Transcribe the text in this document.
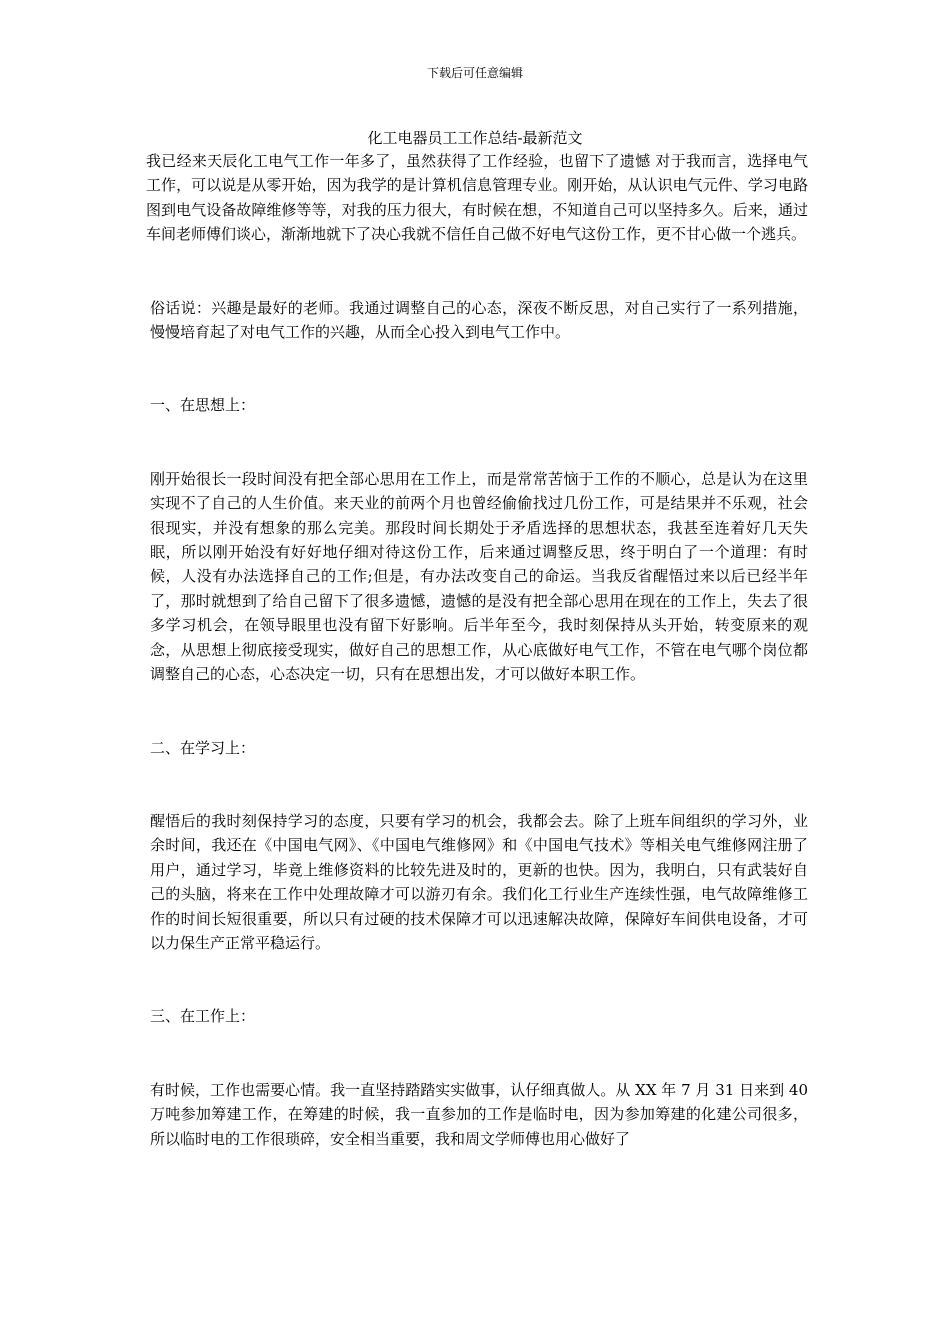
下载后可任意编辑
化工电器员工工作总结-最新范文

我已经来天辰化工电气工作一年多了，虽然获得了工作经验，也留下了遗憾 对于我而言，选择电气工作，可以说是从零开始，因为我学的是计算机信息管理专业。刚开始，从认识电气元件、学习电路图到电气设备故障维修等等，对我的压力很大，有时候在想，不知道自己可以坚持多久。后来，通过车间老师傅们谈心，渐渐地就下了决心我就不信任自己做不好电气这份工作，更不甘心做一个逃兵。

俗话说：兴趣是最好的老师。我通过调整自己的心态，深夜不断反思，对自己实行了一系列措施，慢慢培育起了对电气工作的兴趣，从而全心投入到电气工作中。

一、在思想上：

刚开始很长一段时间没有把全部心思用在工作上，而是常常苦恼于工作的不顺心，总是认为在这里实现不了自己的人生价值。来天业的前两个月也曾经偷偷找过几份工作，可是结果并不乐观，社会很现实，并没有想象的那么完美。那段时间长期处于矛盾选择的思想状态，我甚至连着好几天失眠，所以刚开始没有好好地仔细对待这份工作，后来通过调整反思，终于明白了一个道理：有时候，人没有办法选择自己的工作;但是，有办法改变自己的命运。当我反省醒悟过来以后已经半年了，那时就想到了给自己留下了很多遗憾，遗憾的是没有把全部心思用在现在的工作上，失去了很多学习机会，在领导眼里也没有留下好影响。后半年至今，我时刻保持从头开始，转变原来的观念，从思想上彻底接受现实，做好自己的思想工作，从心底做好电气工作，不管在电气哪个岗位都调整自己的心态，心态决定一切，只有在思想出发，才可以做好本职工作。

二、在学习上：

醒悟后的我时刻保持学习的态度，只要有学习的机会，我都会去。除了上班车间组织的学习外，业余时间，我还在《中国电气网》、《中国电气维修网》和《中国电气技术》等相关电气维修网注册了用户，通过学习，毕竟上维修资料的比较先进及时的，更新的也快。因为，我明白，只有武装好自己的头脑，将来在工作中处理故障才可以游刃有余。我们化工行业生产连续性强，电气故障维修工作的时间长短很重要，所以只有过硬的技术保障才可以迅速解决故障，保障好车间供电设备，才可以力保生产正常平稳运行。

三、在工作上：

有时候，工作也需要心情。我一直坚持踏踏实实做事，认仔细真做人。从 XX 年 7 月 31 日来到 40 万吨参加筹建工作，在筹建的时候，我一直参加的工作是临时电，因为参加筹建的化建公司很多，所以临时电的工作很琐碎，安全相当重要，我和周文学师傅也用心做好了
